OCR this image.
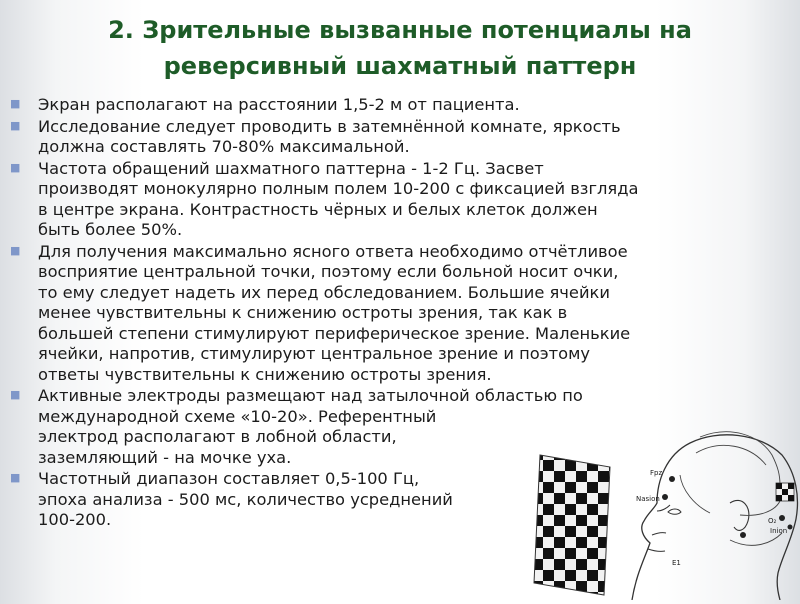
2. Зрительные вызванные потенциалы на
реверсивный шахматный паттерн
■ Экран располагают на расстоянии 1,5-2 м от пациента.
■ Исследование следует проводить в затемнённой комнате, яркость
должна составлять 70-80% максимальной.
■ Частота обращений шахматного паттерна - 1-2 Гц. Засвет
производят монокулярно полным полем 10-200 с фиксацией взгляда
в центре экрана. Контрастность чёрных и белых клеток должен
быть более 50%.
■ Для получения максимально ясного ответа необходимо отчётливое
восприятие центральной точки, поэтому если больной носит очки,
то ему следует надеть их перед обследованием. Большие ячейки
менее чувствительны к снижению остроты зрения, так как в
большей степени стимулируют периферическое зрение. Маленькие
ячейки, напротив, стимулируют центральное зрение и поэтому
ответы чувствительны к снижению остроты зрения.
■ Активные электроды размещают над затылочной областью по
международной схеме «10-20». Референтный
электрод располагают в лобной области,
заземляющий - на мочке уха.
■ Частотный диапазон составляет 0,5-100 Гц,
эпоха анализа - 500 мс, количество усреднений
100-200.
Fpz
Nasion
E1
O₂
Inion
